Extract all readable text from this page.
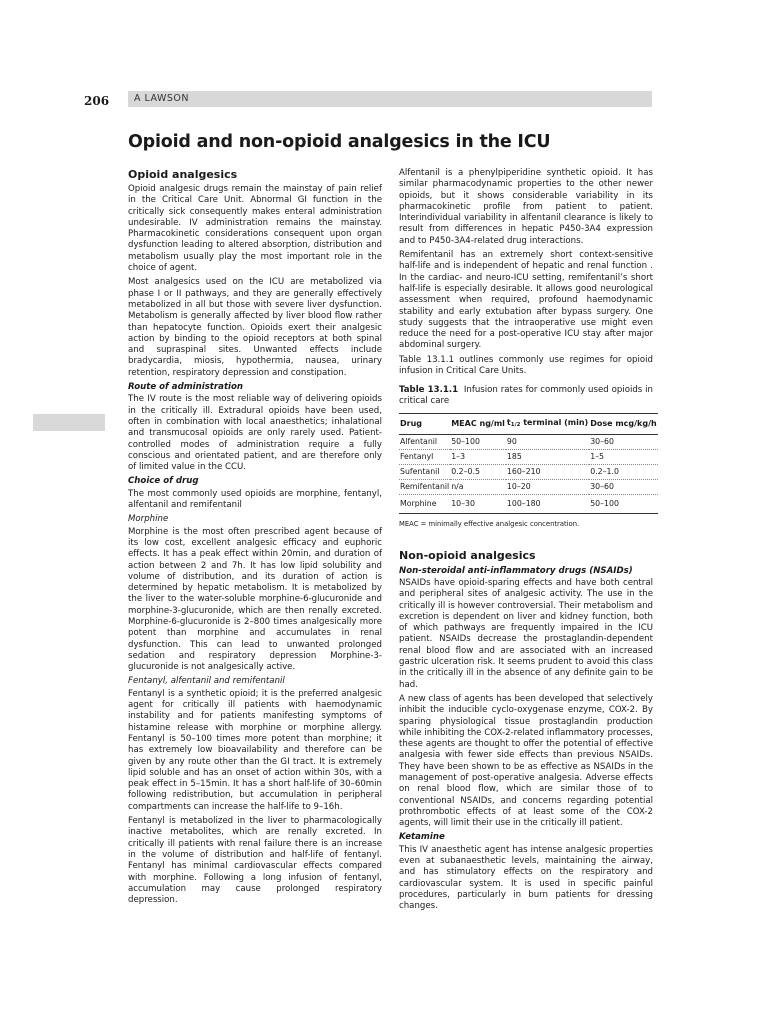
206	A LAWSON
Opioid and non-opioid analgesics in the ICU
Opioid analgesics

Opioid analgesic drugs remain the mainstay of pain relief in the Critical Care Unit. Abnormal GI function in the critically sick consequently makes enteral administration undesirable. IV administration remains the mainstay. Pharmacokinetic considerations consequent upon organ dysfunction leading to altered absorption, distribution and metabolism usually play the most important role in the choice of agent.

Most analgesics used on the ICU are metabolized via phase I or II pathways, and they are generally effectively metabolized in all but those with severe liver dysfunction. Metabolism is generally affected by liver blood flow rather than hepatocyte function. Opioids exert their analgesic action by binding to the opioid receptors at both spinal and supraspinal sites. Unwanted effects include bradycardia, miosis, hypothermia, nausea, urinary retention, respiratory depression and constipation.

Route of administration

The IV route is the most reliable way of delivering opioids in the critically ill. Extradural opioids have been used, often in combination with local anaesthetics; inhalational and transmucosal opioids are only rarely used. Patient-controlled modes of administration require a fully conscious and orientated patient, and are therefore only of limited value in the CCU.

Choice of drug

The most commonly used opioids are morphine, fentanyl, alfentanil and remifentanil

Morphine

Morphine is the most often prescribed agent because of its low cost, excellent analgesic efficacy and euphoric effects. It has a peak effect within 20min, and duration of action between 2 and 7h. It has low lipid solubility and volume of distribution, and its duration of action is determined by hepatic metabolism. It is metabolized by the liver to the water-soluble morphine-6-glucuronide and morphine-3-glucuronide, which are then renally excreted. Morphine-6-glucuronide is 2–800 times analgesically more potent than morphine and accumulates in renal dysfunction. This can lead to unwanted prolonged sedation and respiratory depression Morphine-3-glucuronide is not analgesically active.

Fentanyl, alfentanil and remifentanil

Fentanyl is a synthetic opioid; it is the preferred analgesic agent for critically ill patients with haemodynamic instability and for patients manifesting symptoms of histamine release with morphine or morphine allergy. Fentanyl is 50–100 times more potent than morphine; it has extremely low bioavailability and therefore can be given by any route other than the GI tract. It is extremely lipid soluble and has an onset of action within 30s, with a peak effect in 5–15min. It has a short half-life of 30–60min following redistribution, but accumulation in peripheral compartments can increase the half-life to 9–16h.

Fentanyl is metabolized in the liver to pharmacologically inactive metabolites, which are renally excreted. In critically ill patients with renal failure there is an increase in the volume of distribution and half-life of fentanyl. Fentanyl has minimal cardiovascular effects compared with morphine. Following a long infusion of fentanyl, accumulation may cause prolonged respiratory depression.

Alfentanil is a phenylpiperidine synthetic opioid. It has similar pharmacodynamic properties to the other newer opioids, but it shows considerable variability in its pharmacokinetic profile from patient to patient. Interindividual variability in alfentanil clearance is likely to result from differences in hepatic P450-3A4 expression and to P450-3A4-related drug interactions.

Remifentanil has an extremely short context-sensitive half-life and is independent of hepatic and renal function . In the cardiac- and neuro-ICU setting, remifentanil’s short half-life is especially desirable. It allows good neurological assessment when required, profound haemodynamic stability and early extubation after bypass surgery. One study suggests that the intraoperative use might even reduce the need for a post-operative ICU stay after major abdominal surgery.

Table 13.1.1 outlines commonly use regimes for opioid infusion in Critical Care Units.

Table 13.1.1 Infusion rates for commonly used opioids in critical care
Drug	MEAC ng/ml	t1/2 terminal (min)	Dose mcg/kg/h
Alfentanil	50–100	90	30–60
Fentanyl	1–3	185	1–5
Sufentanil	0.2–0.5	160–210	0.2–1.0
Remifentanil	n/a	10–20	30–60
Morphine	10–30	100–180	50–100
MEAC = minimally effective analgesic concentration.
Non-opioid analgesics
Non-steroidal anti-inflammatory drugs (NSAIDs)

NSAIDs have opioid-sparing effects and have both central and peripheral sites of analgesic activity. The use in the critically ill is however controversial. Their metabolism and excretion is dependent on liver and kidney function, both of which pathways are frequently impaired in the ICU patient. NSAIDs decrease the prostaglandin-dependent renal blood flow and are associated with an increased gastric ulceration risk. It seems prudent to avoid this class in the critically ill in the absence of any definite gain to be had.

A new class of agents has been developed that selectively inhibit the inducible cyclo-oxygenase enzyme, COX-2. By sparing physiological tissue prostaglandin production while inhibiting the COX-2-related inflammatory processes, these agents are thought to offer the potential of effective analgesia with fewer side effects than previous NSAIDs. They have been shown to be as effective as NSAIDs in the management of post-operative analgesia. Adverse effects on renal blood flow, which are similar those of to conventional NSAIDs, and concerns regarding potential prothrombotic effects of at least some of the COX-2 agents, will limit their use in the critically ill patient.

Ketamine

This IV anaesthetic agent has intense analgesic properties even at subanaesthetic levels, maintaining the airway, and has stimulatory effects on the respiratory and cardiovascular system. It is used in specific painful procedures, particularly in burn patients for dressing changes.
